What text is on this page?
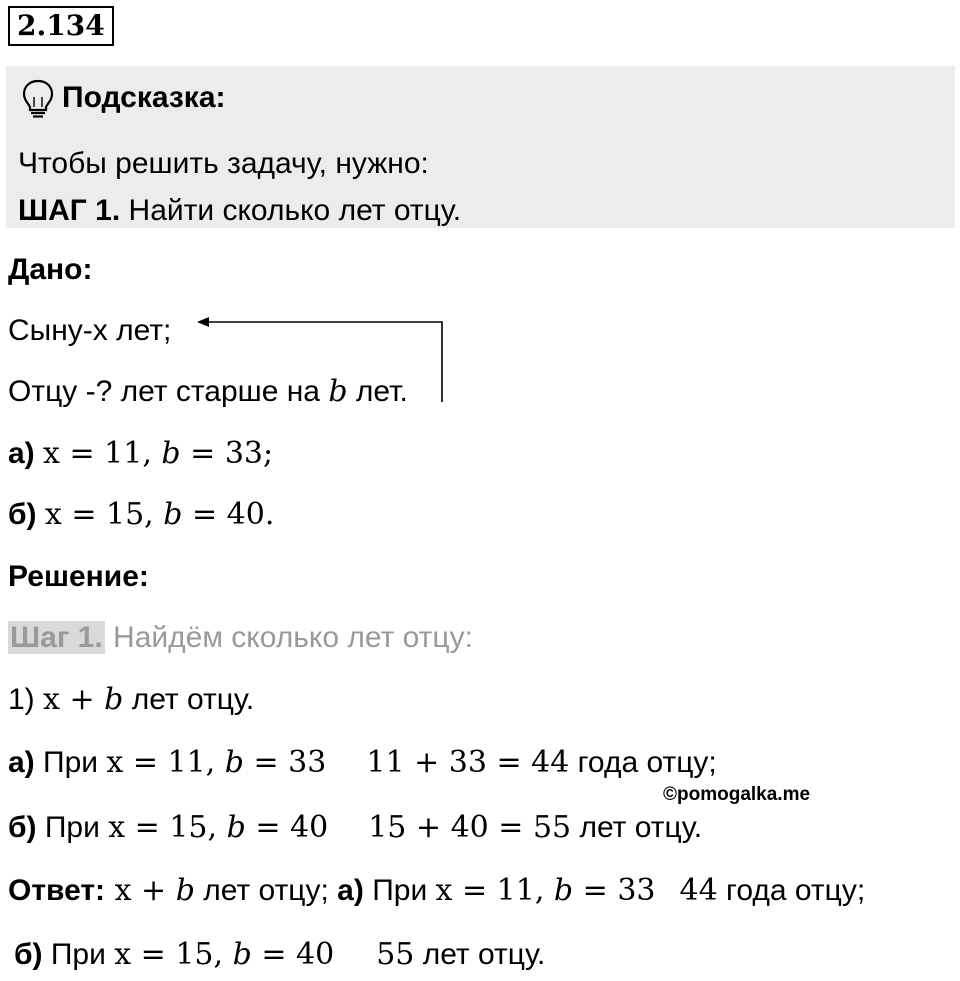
2.134
Подсказка:
Чтобы решить задачу, нужно:
ШАГ 1. Найти сколько лет отцу.
Дано:
Сыну-х лет;
Отцу -? лет старше на b лет.
а) x = 11, b = 33;
б) x = 15, b = 40.
Решение:
Шаг 1. Найдём сколько лет отцу:
1) x + b лет отцу.
а) При x = 11, b = 33 11 + 33 = 44 года отцу;
©pomogalka.me
б) При x = 15, b = 40 15 + 40 = 55 лет отцу.
Ответ: x + b лет отцу; а) При x = 11, b = 33 44 года отцу;
б) При x = 15, b = 40 55 лет отцу.
